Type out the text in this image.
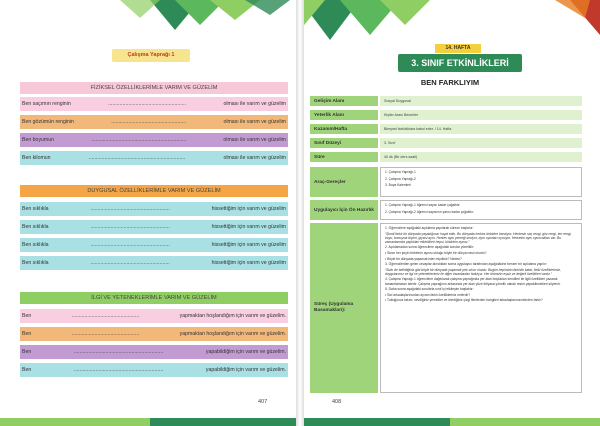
Çalışma Yaprağı 1
FİZİKSEL ÖZELLİKLERİMLE VARIM VE GÜZELİM
Ben saçımın renginin	......................................................	olması ile varım ve güzelim
Ben gözümün renginin	....................................................	olması ile varım ve güzelim
Ben boyumun	..................................................................	olması ile varım ve güzelim
Ben kilomun	...................................................................	olması ile varım ve güzelim
DUYGUSAL ÖZELLİKLERİMLE VARIM VE GÜZELİM
Ben sıklıkla	.......................................................	hissettiğim için varım ve güzelim
Ben sıklıkla	.......................................................	hissettiğim için varım ve güzelim
Ben sıklıkla	.......................................................	hissettiğim için varım ve güzelim
Ben sıklıkla	.......................................................	hissettiğim için varım ve güzelim
İLGİ VE YETENEKLERİMLE VARIM VE GÜZELİM
Ben	...............................................	yapmaktan hoşlandığım için varım ve güzelim.
Ben	...............................................	yapmaktan hoşlandığım için varım ve güzelim.
Ben	..............................................................	yapabildiğim için varım ve güzelim.
Ben	..............................................................	yapabildiğim için varım ve güzelim.
407
14. HAFTA
3. SINIF ETKİNLİKLERİ
BEN FARKLIYIM
Gelişim Alanı	Sosyal Duygusal
Yeterlik Alanı	Kişiler Arası Beceriler
Kazanım/Hafta	Bireysel farklılıklara kabul eder. / 14. Hafta
Sınıf Düzeyi	3. Sınıf
Süre	40 dk (Bir ders saati)
Araç-Gereçler

1. Çalışma Yaprağı-1

2. Çalışma Yaprağı-2

3. Boya Kalemleri

Uygulayıcı İçin Ön Hazırlık

1. Çalışma Yaprağı-1 öğrenci sayısı kadar çoğaltılır.

2. Çalışma Yaprağı-2 öğrenci sayısının yarısı kadar çoğaltılır.

Süreç (Uygulama Basamakları):

1. Öğrencilere aşağıdaki açıklama yapılarak sürece başlanır:

“Şimdi farklı bir dünyada yaşadığınızı hayal edin. Bu dünyada herkes birbirine benziyor. Herkesin saç rengi, göz rengi, ten rengi, boyu, konuşma biçimi, giysisi aynı. Herkes aynı yemeği seviyor, aynı oyunları oynuyor. Herkesin aynı oyuncakları var. Bu zamanlarında yaptıkları etkinlikleri hepsi, birbirinin aynısı.”

2. Açıklamadan sonra öğrencilere aşağıdaki sorular yöneltilir:

• Sizce her şeyin birbirinin aynısı olduğu böyle bir dünya nasıl olurdu?

• Böyle bir dünyada yaşamak ister miydiniz? Neden?

3. Öğrencilerden gelen cevaplar alındıktan sonra uygulayıcı tarafından aşağıdakine benzer bir açıklama yapılır:

“Sizin de belirttiğiniz gibi böyle bir dünyada yaşamak pek sıkıcı olurdu. Bugün hepimizin farklılık katar, fizikî özelliklerimiz, duygularımız ve ilgi ve yeteneklerimiz ile diğer insanlardan farklıyız. Her birimizin eşsiz ve değerli özellikleri vardır.”

4. Çalışma Yaprağı-1 öğrencilere dağıtılarak çalışma yaprağında yer alan boşlukları kendileri ile ilgili özellikleri yazarak tamamlamaları istenir. Çalışma yaprağının arkasında yer alan yüze ihtiyaca yönelik olarak resim yapabilecekleri söylenir.

5. Daha sonra aşağıdaki sorularla sınıf içi etkileşim başlatılır:

• Sizi arkadaşlarınızdan ayıran farklı özellikleriniz nelerdir?

• Tuttuğunuz takım, sevdiğiniz yemekler ve izlediğiniz çizgi filmlerden hangileri arkadaşlarınızınkinden farklı?

408
